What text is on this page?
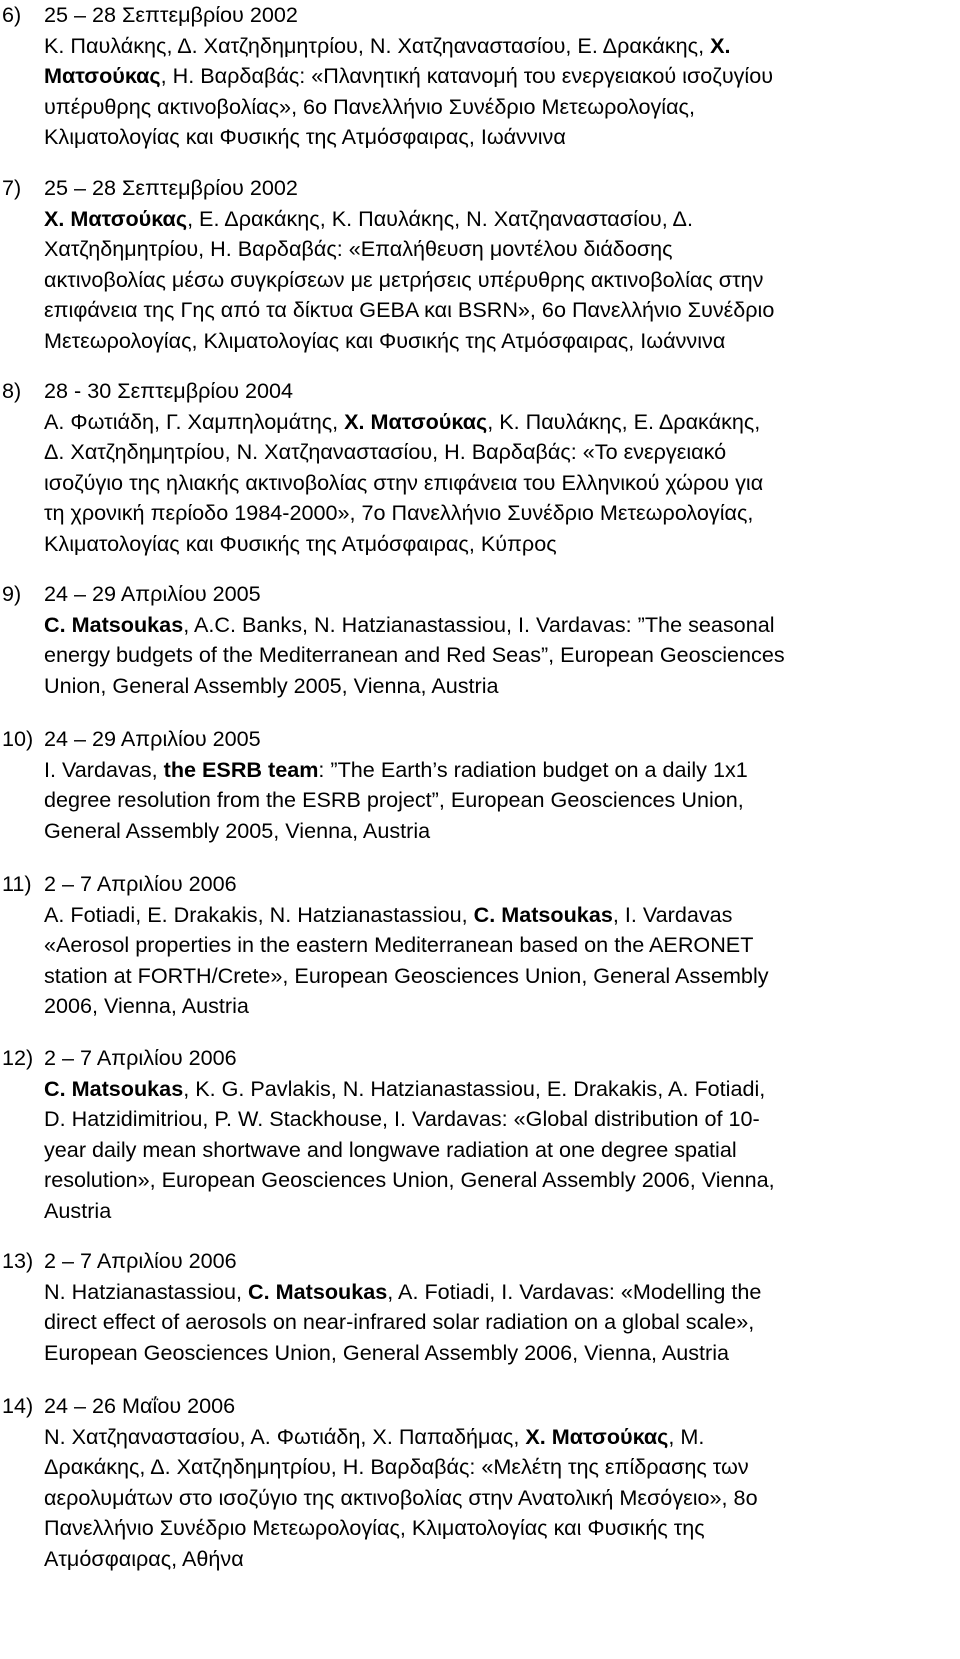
6) 25 – 28 Σεπτεμβρίου 2002
Κ. Παυλάκης, Δ. Χατζηδημητρίου, Ν. Χατζηαναστασίου, Ε. Δρακάκης, Χ.
Ματσούκας, Η. Βαρδαβάς: «Πλανητική κατανομή του ενεργειακού ισοζυγίου
υπέρυθρης ακτινοβολίας», 6ο Πανελλήνιο Συνέδριο Μετεωρολογίας,
Κλιματολογίας και Φυσικής της Ατμόσφαιρας, Ιωάννινα
7) 25 – 28 Σεπτεμβρίου 2002
Χ. Ματσούκας, Ε. Δρακάκης, Κ. Παυλάκης, Ν. Χατζηαναστασίου, Δ.
Χατζηδημητρίου, Η. Βαρδαβάς: «Επαλήθευση μοντέλου διάδοσης
ακτινοβολίας μέσω συγκρίσεων με μετρήσεις υπέρυθρης ακτινοβολίας στην
επιφάνεια της Γης από τα δίκτυα GEBA και BSRN», 6ο Πανελλήνιο Συνέδριο
Μετεωρολογίας, Κλιματολογίας και Φυσικής της Ατμόσφαιρας, Ιωάννινα
8) 28 - 30 Σεπτεμβρίου 2004
Α. Φωτιάδη, Γ. Χαμπηλομάτης, Χ. Ματσούκας, Κ. Παυλάκης, Ε. Δρακάκης,
Δ. Χατζηδημητρίου, Ν. Χατζηαναστασίου, Η. Βαρδαβάς: «Το ενεργειακό
ισοζύγιο της ηλιακής ακτινοβολίας στην επιφάνεια του Ελληνικού χώρου για
τη χρονική περίοδο 1984-2000», 7ο Πανελλήνιο Συνέδριο Μετεωρολογίας,
Κλιματολογίας και Φυσικής της Ατμόσφαιρας, Κύπρος
9) 24 – 29 Απριλίου 2005
C. Matsoukas, A.C. Banks, N. Hatzianastassiou, I. Vardavas: ”The seasonal
energy budgets of the Mediterranean and Red Seas”, European Geosciences
Union, General Assembly 2005, Vienna, Austria
10) 24 – 29 Απριλίου 2005
I. Vardavas, the ESRB team: ”The Earth’s radiation budget on a daily 1x1
degree resolution from the ESRB project”, European Geosciences Union,
General Assembly 2005, Vienna, Austria
11) 2 – 7 Απριλίου 2006
A. Fotiadi, E. Drakakis, N. Hatzianastassiou, C. Matsoukas, I. Vardavas
«Aerosol properties in the eastern Mediterranean based on the AERONET
station at FORTH/Crete», European Geosciences Union, General Assembly
2006, Vienna, Austria
12) 2 – 7 Απριλίου 2006
C. Matsoukas, K. G. Pavlakis, N. Hatzianastassiou, E. Drakakis, A. Fotiadi,
D. Hatzidimitriou, P. W. Stackhouse, I. Vardavas: «Global distribution of 10-
year daily mean shortwave and longwave radiation at one degree spatial
resolution», European Geosciences Union, General Assembly 2006, Vienna,
Austria
13) 2 – 7 Απριλίου 2006
N. Hatzianastassiou, C. Matsoukas, A. Fotiadi, I. Vardavas: «Modelling the
direct effect of aerosols on near-infrared solar radiation on a global scale»,
European Geosciences Union, General Assembly 2006, Vienna, Austria
14) 24 – 26 Μαΐου 2006
Ν. Χατζηαναστασίου, Α. Φωτιάδη, Χ. Παπαδήμας, Χ. Ματσούκας, Μ.
Δρακάκης, Δ. Χατζηδημητρίου, Η. Βαρδαβάς: «Μελέτη της επίδρασης των
αερολυμάτων στο ισοζύγιο της ακτινοβολίας στην Ανατολική Μεσόγειο», 8ο
Πανελλήνιο Συνέδριο Μετεωρολογίας, Κλιματολογίας και Φυσικής της
Ατμόσφαιρας, Αθήνα
